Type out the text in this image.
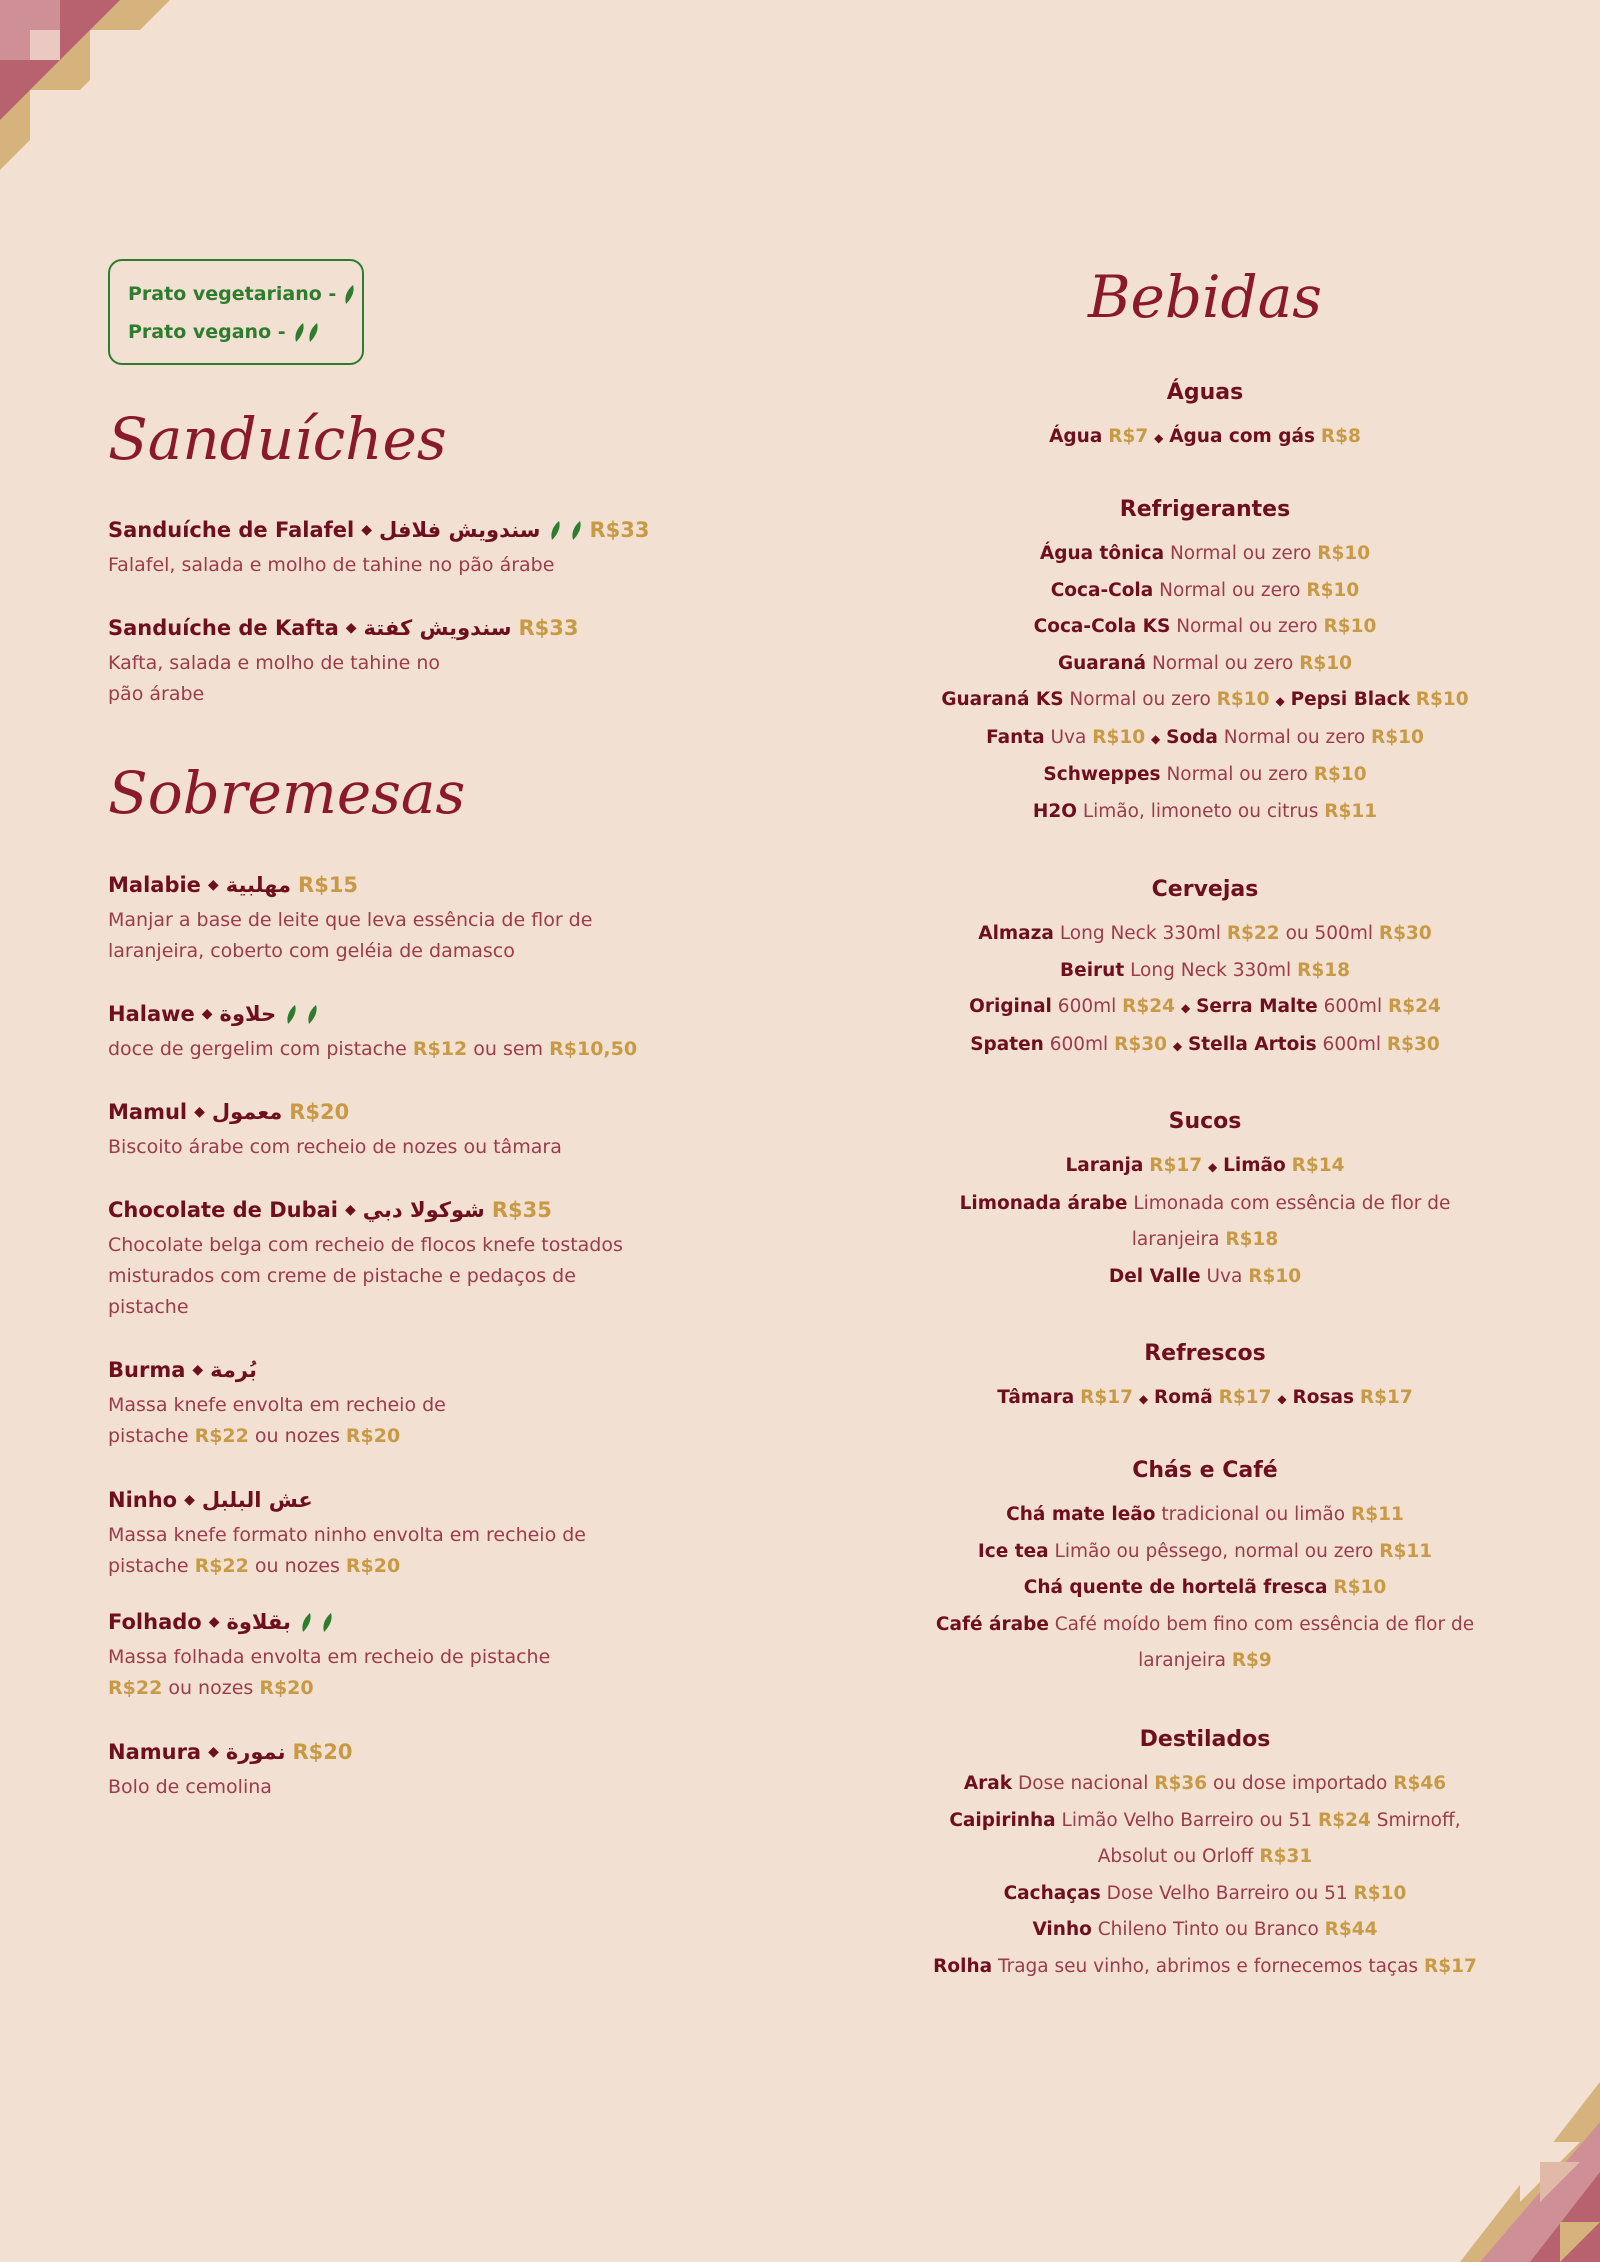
Prato vegetariano -
Prato vegano -
Sanduíches
Sanduíche de Falafel ◆ سندويش فلافل R$33
Falafel, salada e molho de tahine no pão árabe
Sanduíche de Kafta ◆ سندويش كفتة R$33
Kafta, salada e molho de tahine no
pão árabe
Sobremesas
Malabie ◆ مهلبية R$15
Manjar a base de leite que leva essência de flor de
laranjeira, coberto com geléia de damasco
Halawe ◆ حلاوة
doce de gergelim com pistache R$12 ou sem R$10,50
Mamul ◆ معمول R$20
Biscoito árabe com recheio de nozes ou tâmara
Chocolate de Dubai ◆ شوكولا دبي R$35
Chocolate belga com recheio de flocos knefe tostados
misturados com creme de pistache e pedaços de
pistache
Burma ◆ بُرمة
Massa knefe envolta em recheio de
pistache R$22 ou nozes R$20
Ninho ◆ عش البلبل
Massa knefe formato ninho envolta em recheio de
pistache R$22 ou nozes R$20
Folhado ◆ بقلاوة
Massa folhada envolta em recheio de pistache
R$22 ou nozes R$20
Namura ◆ نمورة R$20
Bolo de cemolina
Bebidas
Águas
Água R$7 ◆ Água com gás R$8
Refrigerantes
Água tônica Normal ou zero R$10
Coca-Cola Normal ou zero R$10
Coca-Cola KS Normal ou zero R$10
Guaraná Normal ou zero R$10
Guaraná KS Normal ou zero R$10 ◆ Pepsi Black R$10
Fanta Uva R$10 ◆ Soda Normal ou zero R$10
Schweppes Normal ou zero R$10
H2O Limão, limoneto ou citrus R$11
Cervejas
Almaza Long Neck 330ml R$22 ou 500ml R$30
Beirut Long Neck 330ml R$18
Original 600ml R$24 ◆ Serra Malte 600ml R$24
Spaten 600ml R$30 ◆ Stella Artois 600ml R$30
Sucos
Laranja R$17 ◆ Limão R$14
Limonada árabe Limonada com essência de flor de
laranjeira R$18
Del Valle Uva R$10
Refrescos
Tâmara R$17 ◆ Romã R$17 ◆ Rosas R$17
Chás e Café
Chá mate leão tradicional ou limão R$11
Ice tea Limão ou pêssego, normal ou zero R$11
Chá quente de hortelã fresca R$10
Café árabe Café moído bem fino com essência de flor de
laranjeira R$9
Destilados
Arak Dose nacional R$36 ou dose importado R$46
Caipirinha Limão Velho Barreiro ou 51 R$24 Smirnoff,
Absolut ou Orloff R$31
Cachaças Dose Velho Barreiro ou 51 R$10
Vinho Chileno Tinto ou Branco R$44
Rolha Traga seu vinho, abrimos e fornecemos taças R$17
